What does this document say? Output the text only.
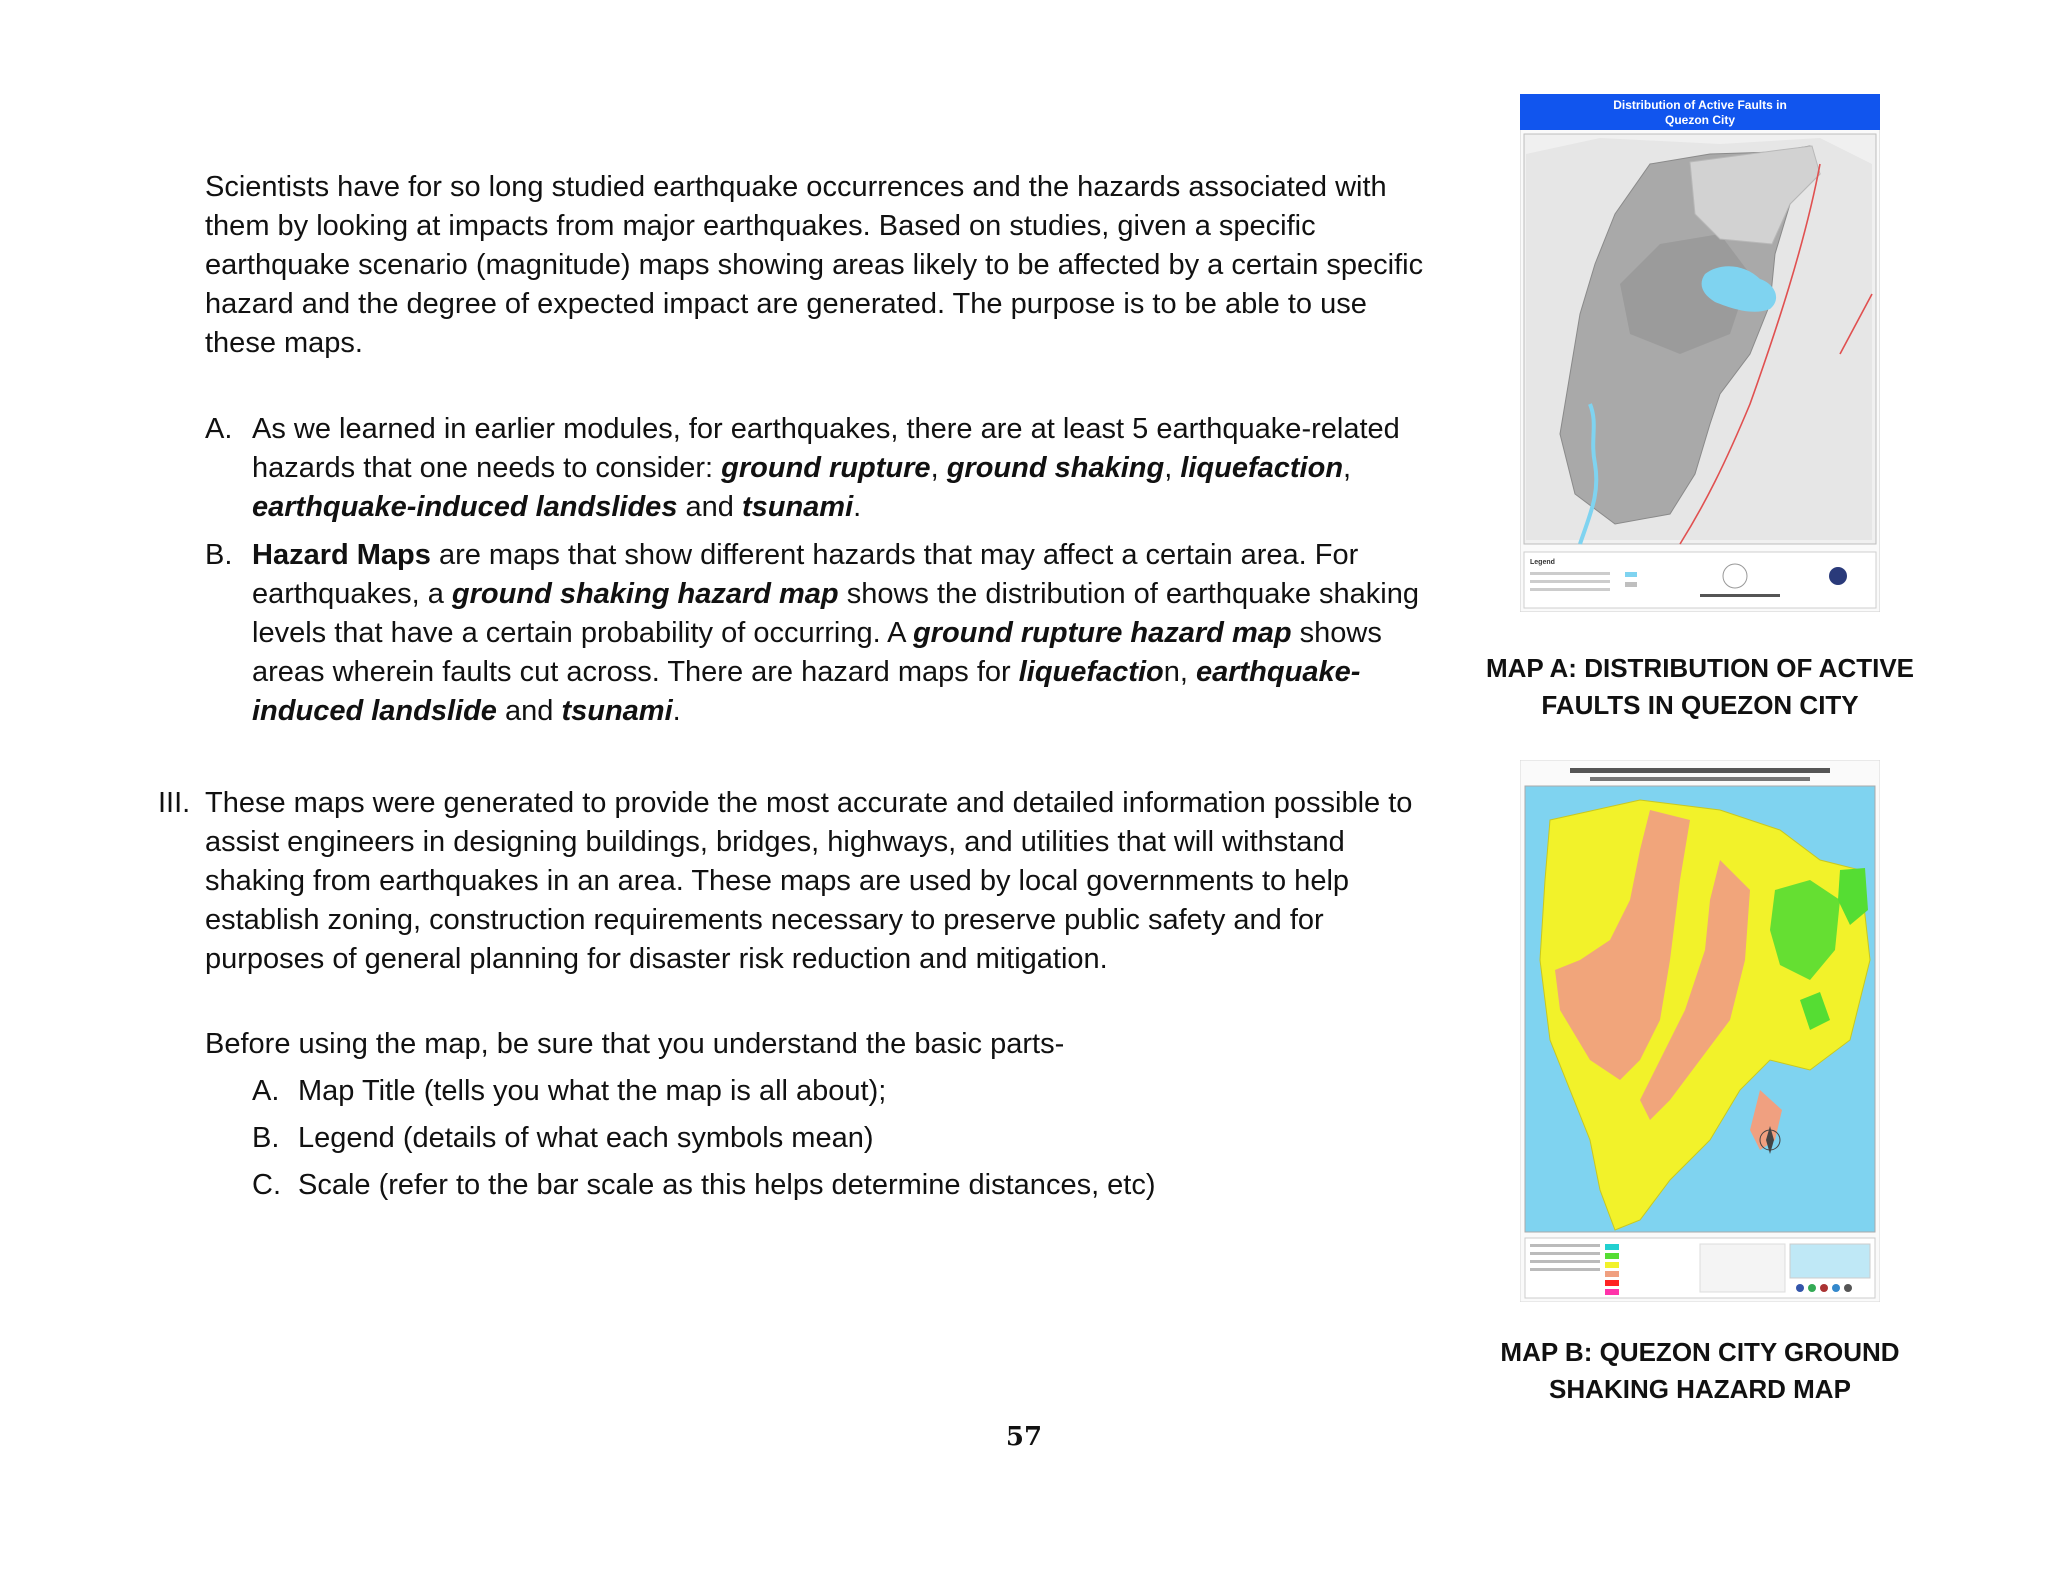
Scientists have for so long studied earthquake occurrences and the hazards associated with them by looking at impacts from major earthquakes. Based on studies, given a specific earthquake scenario (magnitude) maps showing areas likely to be affected by a certain specific hazard and the degree of expected impact are generated. The purpose is to be able to use these maps.
A. As we learned in earlier modules, for earthquakes, there are at least 5 earthquake-related hazards that one needs to consider: ground rupture, ground shaking, liquefaction,
earthquake-induced landslides and tsunami.
B. Hazard Maps are maps that show different hazards that may affect a certain area. For earthquakes, a ground shaking hazard map shows the distribution of earthquake shaking levels that have a certain probability of occurring. A ground rupture hazard map shows areas wherein faults cut across. There are hazard maps for liquefaction, earthquake-induced landslide and tsunami.
III. These maps were generated to provide the most accurate and detailed information possible to assist engineers in designing buildings, bridges, highways, and utilities that will withstand shaking from earthquakes in an area. These maps are used by local governments to help establish zoning, construction requirements necessary to preserve public safety and for purposes of general planning for disaster risk reduction and mitigation.
Before using the map, be sure that you understand the basic parts-
A. Map Title (tells you what the map is all about);
B. Legend (details of what each symbols mean)
C. Scale (refer to the bar scale as this helps determine distances, etc)
Distribution of Active Faults in
Quezon City
Legend
MAP A: DISTRIBUTION OF ACTIVE FAULTS IN QUEZON CITY
MAP B: QUEZON CITY GROUND SHAKING HAZARD MAP
57
